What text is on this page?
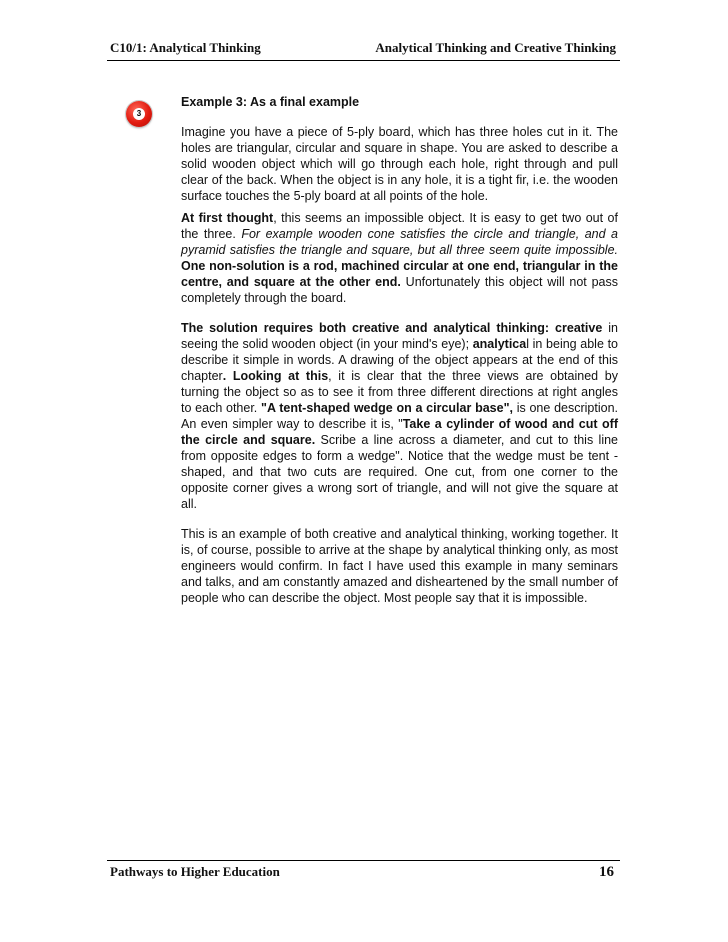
C10/1: Analytical Thinking	Analytical Thinking and Creative Thinking
3

Example 3: As a final example

Imagine you have a piece of 5-ply board, which has three holes cut in it. The holes are triangular, circular and square in shape. You are asked to describe a solid wooden object which will go through each hole, right through and pull clear of the back. When the object is in any hole, it is a tight fir, i.e. the wooden surface touches the 5-ply board at all points of the hole.

At first thought, this seems an impossible object. It is easy to get two out of the three. For example wooden cone satisfies the circle and triangle, and a pyramid satisfies the triangle and square, but all three seem quite impossible. One non-solution is a rod, machined circular at one end, triangular in the centre, and square at the other end. Unfortunately this object will not pass completely through the board.

The solution requires both creative and analytical thinking: creative in seeing the solid wooden object (in your mind's eye); analytical in being able to describe it simple in words. A drawing of the object appears at the end of this chapter. Looking at this, it is clear that the three views are obtained by turning the object so as to see it from three different directions at right angles to each other. "A tent-shaped wedge on a circular base", is one description. An even simpler way to describe it is, "Take a cylinder of wood and cut off the circle and square. Scribe a line across a diameter, and cut to this line from opposite edges to form a wedge". Notice that the wedge must be tent -shaped, and that two cuts are required. One cut, from one corner to the opposite corner gives a wrong sort of triangle, and will not give the square at all.

This is an example of both creative and analytical thinking, working together. It is, of course, possible to arrive at the shape by analytical thinking only, as most engineers would confirm. In fact I have used this example in many seminars and talks, and am constantly amazed and disheartened by the small number of people who can describe the object. Most people say that it is impossible.

Pathways to Higher Education	16
